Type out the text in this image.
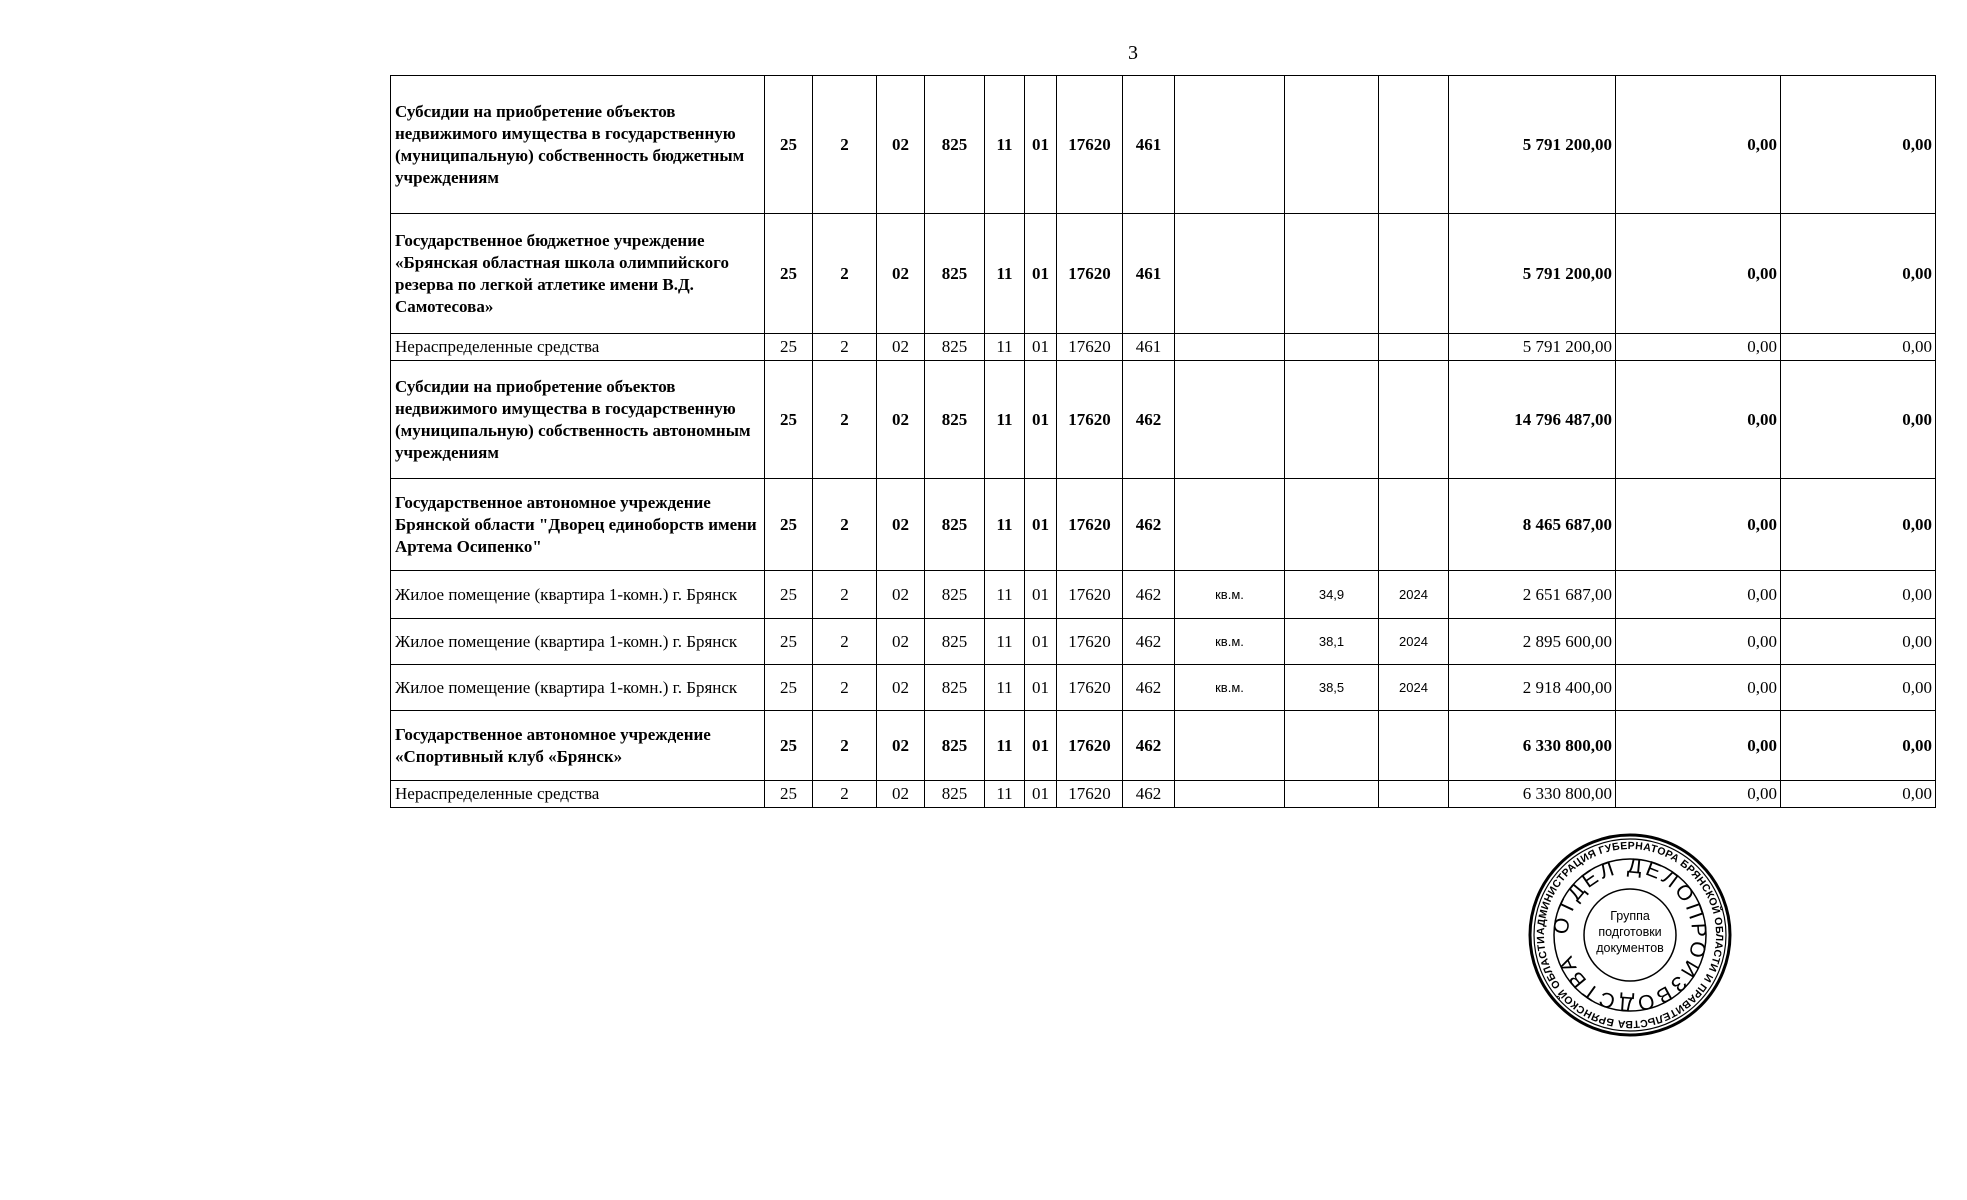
3
Субсидии на приобретение объектов недвижимого имущества в государственную (муниципальную) собственность бюджетным учреждениям	25	2	02	825	11	01	17620	461				5 791 200,00	0,00	0,00
Государственное бюджетное учреждение «Брянская областная школа олимпийского резерва по легкой атлетике имени В.Д. Самотесова»	25	2	02	825	11	01	17620	461				5 791 200,00	0,00	0,00
Нераспределенные средства	25	2	02	825	11	01	17620	461				5 791 200,00	0,00	0,00
Субсидии на приобретение объектов недвижимого имущества в государственную (муниципальную) собственность автономным учреждениям	25	2	02	825	11	01	17620	462				14 796 487,00	0,00	0,00
Государственное автономное учреждение Брянской области "Дворец единоборств имени Артема Осипенко"	25	2	02	825	11	01	17620	462				8 465 687,00	0,00	0,00
Жилое помещение (квартира 1-комн.) г. Брянск	25	2	02	825	11	01	17620	462	кв.м.	34,9	2024	2 651 687,00	0,00	0,00
Жилое помещение (квартира 1-комн.) г. Брянск	25	2	02	825	11	01	17620	462	кв.м.	38,1	2024	2 895 600,00	0,00	0,00
Жилое помещение (квартира 1-комн.) г. Брянск	25	2	02	825	11	01	17620	462	кв.м.	38,5	2024	2 918 400,00	0,00	0,00
Государственное автономное учреждение «Спортивный клуб «Брянск»	25	2	02	825	11	01	17620	462				6 330 800,00	0,00	0,00
Нераспределенные средства	25	2	02	825	11	01	17620	462				6 330 800,00	0,00	0,00
АДМИНИСТРАЦИЯ ГУБЕРНАТОРА БРЯНСКОЙ ОБЛАСТИ И ПРАВИТЕЛЬСТВА БРЯНСКОЙ ОБЛАСТИ
ОТДЕЛ ДЕЛОПРОИЗВОДСТВА
Группа подготовки документов
